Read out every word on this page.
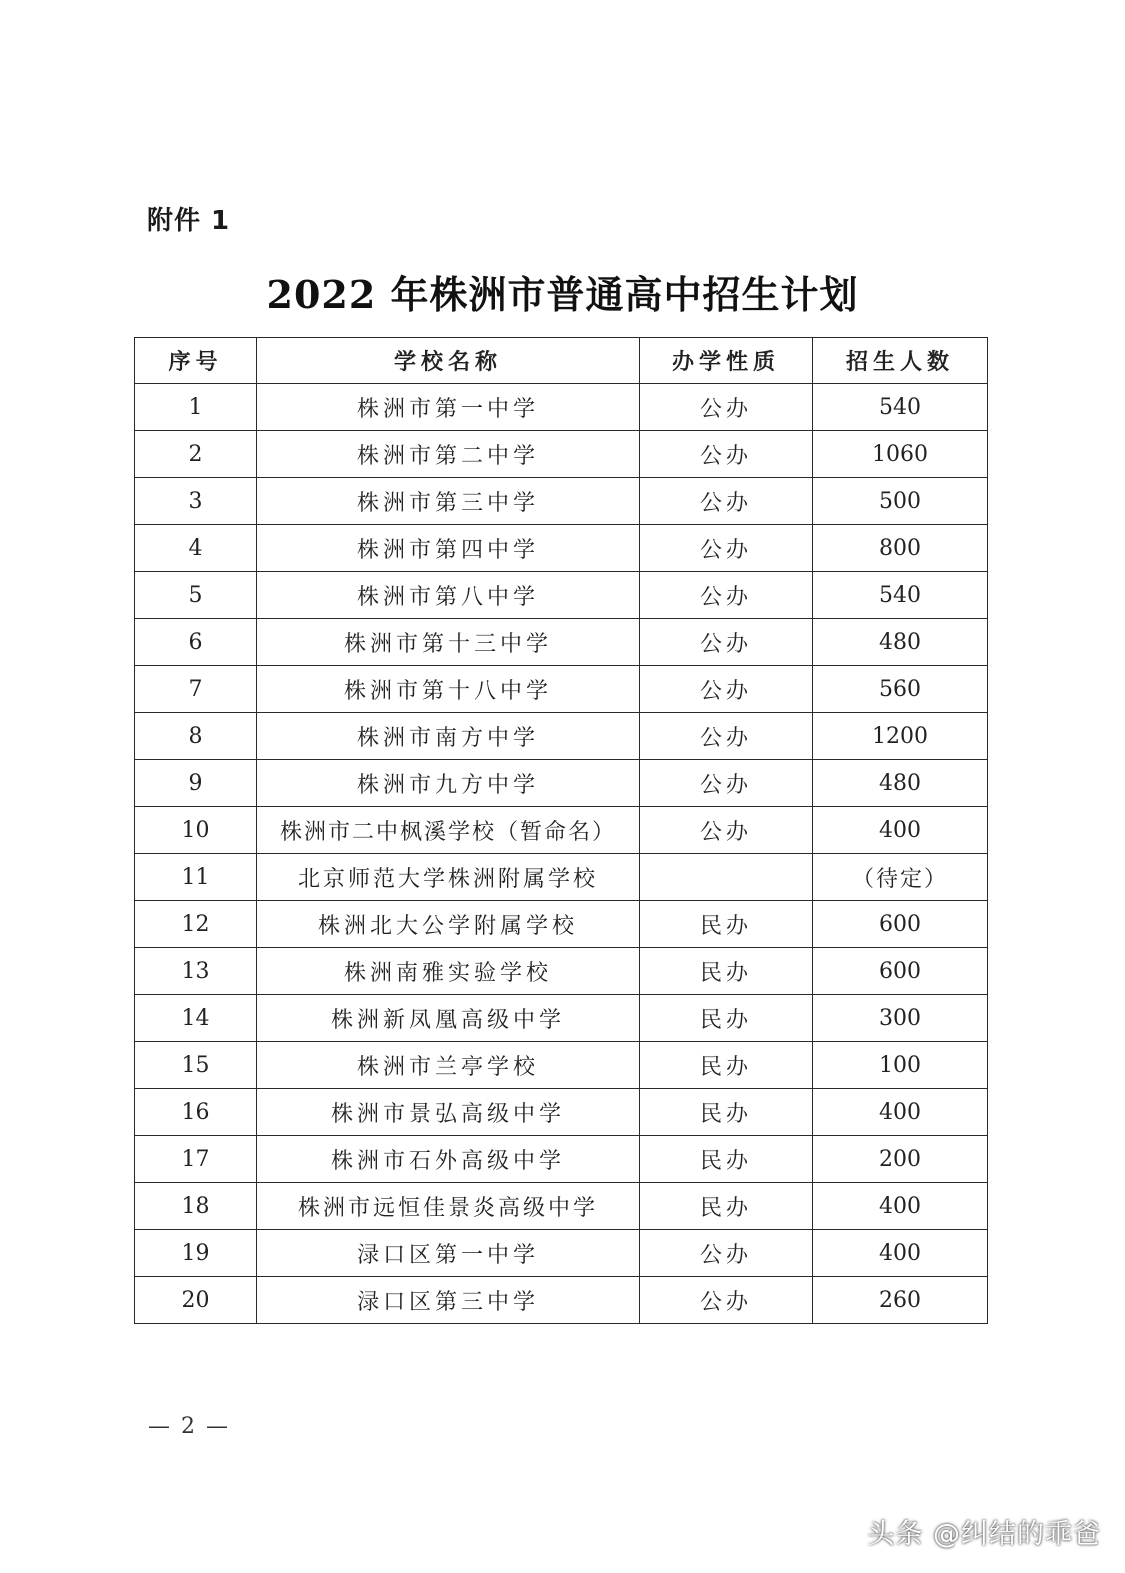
附件 1
2022 年株洲市普通高中招生计划
序号	学校名称	办学性质	招生人数
1	株洲市第一中学	公办	540
2	株洲市第二中学	公办	1060
3	株洲市第三中学	公办	500
4	株洲市第四中学	公办	800
5	株洲市第八中学	公办	540
6	株洲市第十三中学	公办	480
7	株洲市第十八中学	公办	560
8	株洲市南方中学	公办	1200
9	株洲市九方中学	公办	480
10	株洲市二中枫溪学校（暂命名）	公办	400
11	北京师范大学株洲附属学校		（待定）
12	株洲北大公学附属学校	民办	600
13	株洲南雅实验学校	民办	600
14	株洲新凤凰高级中学	民办	300
15	株洲市兰亭学校	民办	100
16	株洲市景弘高级中学	民办	400
17	株洲市石外高级中学	民办	200
18	株洲市远恒佳景炎高级中学	民办	400
19	渌口区第一中学	公办	400
20	渌口区第三中学	公办	260
— 2 —
头条 @纠结的乖爸
